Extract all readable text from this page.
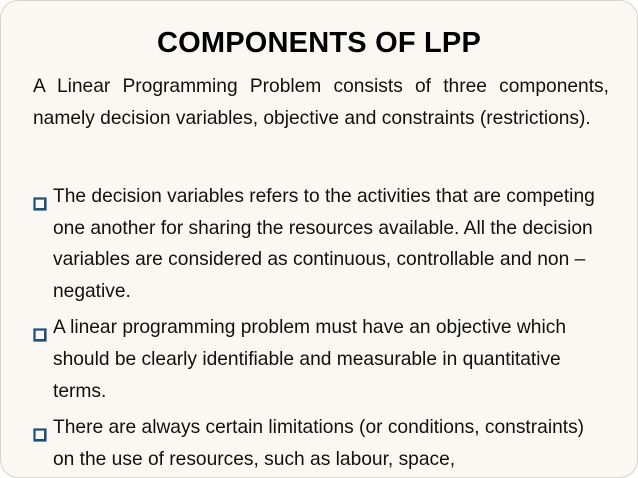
COMPONENTS OF LPP
A Linear Programming Problem consists of three components, namely decision variables, objective and constraints (restrictions).
The decision variables refers to the activities that are competing one another for sharing the resources available. All the decision variables are considered as continuous, controllable and non – negative.
A linear programming problem must have an objective which should be clearly identifiable and measurable in quantitative terms.
There are always certain limitations (or conditions, constraints) on the use of resources, such as labour, space,
